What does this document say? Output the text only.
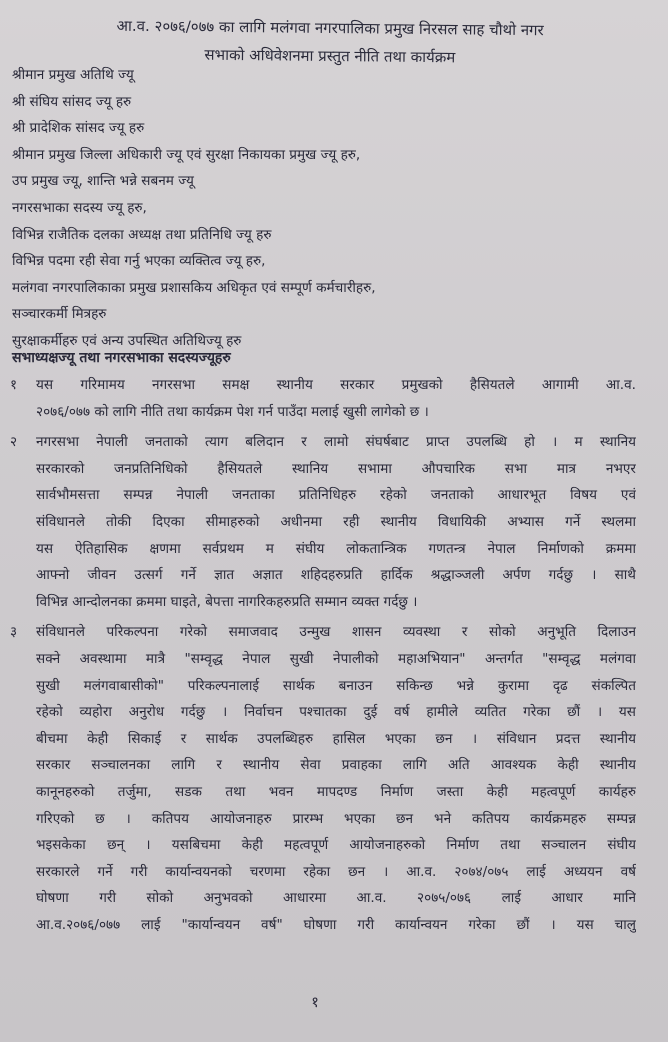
आ.व. २०७६/०७७ का लागि मलंगवा नगरपालिका प्रमुख निरसल साह चौथो नगर
सभाको अधिवेशनमा प्रस्तुत नीति तथा कार्यक्रम
श्रीमान प्रमुख अतिथि ज्यू
श्री संघिय सांसद ज्यू हरु
श्री प्रादेशिक सांसद ज्यू हरु
श्रीमान प्रमुख जिल्ला अधिकारी ज्यू एवं सुरक्षा निकायका प्रमुख ज्यू हरु,
उप प्रमुख ज्यू, शान्ति भन्ने सबनम ज्यू
नगरसभाका सदस्य ज्यू हरु,
विभिन्न राजैतिक दलका अध्यक्ष तथा प्रतिनिधि ज्यू हरु
विभिन्न पदमा रही सेवा गर्नु भएका व्यक्तित्व ज्यू हरु,
मलंगवा नगरपालिकाका प्रमुख प्रशासकिय अधिकृत एवं सम्पूर्ण कर्मचारीहरु,
सञ्चारकर्मी मित्रहरु
सुरक्षाकर्मीहरु एवं अन्य उपस्थित अतिथिज्यू हरु
सभाध्यक्षज्यू तथा नगरसभाका सदस्यज्यूहरु
१ यस गरिमामय नगरसभा समक्ष स्थानीय सरकार प्रमुखको हैसियतले आगामी आ.व.
२०७६/०७७ को लागि नीति तथा कार्यक्रम पेश गर्न पाउँदा मलाई खुसी लागेको छ ।
२ नगरसभा नेपाली जनताको त्याग बलिदान र लामो संघर्षबाट प्राप्त उपलब्धि हो । म स्थानिय
सरकारको जनप्रतिनिधिको हैसियतले स्थानिय सभामा औपचारिक सभा मात्र नभएर
सार्वभौमसत्ता सम्पन्न नेपाली जनताका प्रतिनिधिहरु रहेको जनताको आधारभूत विषय एवं
संविधानले तोकी दिएका सीमाहरुको अधीनमा रही स्थानीय विधायिकी अभ्यास गर्ने स्थलमा
यस ऐतिहासिक क्षणमा सर्वप्रथम म संघीय लोकतान्त्रिक गणतन्त्र नेपाल निर्माणको क्रममा
आफ्नो जीवन उत्सर्ग गर्ने ज्ञात अज्ञात शहिदहरुप्रति हार्दिक श्रद्धाञ्जली अर्पण गर्दछु । साथै
विभिन्न आन्दोलनका क्रममा घाइते, बेपत्ता नागरिकहरुप्रति सम्मान व्यक्त गर्दछु ।
३ संविधानले परिकल्पना गरेको समाजवाद उन्मुख शासन व्यवस्था र सोको अनुभूति दिलाउन
सक्ने अवस्थामा मात्रै "सम्वृद्ध नेपाल सुखी नेपालीको महाअभियान" अन्तर्गत "सम्वृद्ध मलंगवा
सुखी मलंगवाबासीको" परिकल्पनालाई सार्थक बनाउन सकिन्छ भन्ने कुरामा दृढ संकल्पित
रहेको व्यहोरा अनुरोध गर्दछु । निर्वाचन पश्चातका दुई वर्ष हामीले व्यतित गरेका छौं । यस
बीचमा केही सिकाई र सार्थक उपलब्धिहरु हासिल भएका छन । संविधान प्रदत्त स्थानीय
सरकार सञ्चालनका लागि र स्थानीय सेवा प्रवाहका लागि अति आवश्यक केही स्थानीय
कानूनहरुको तर्जुमा, सडक तथा भवन मापदण्ड निर्माण जस्ता केही महत्वपूर्ण कार्यहरु
गरिएको छ । कतिपय आयोजनाहरु प्रारम्भ भएका छन भने कतिपय कार्यक्रमहरु सम्पन्न
भइसकेका छन् । यसबिचमा केही महत्वपूर्ण आयोजनाहरुको निर्माण तथा सञ्चालन संघीय
सरकारले गर्ने गरी कार्यान्वयनको चरणमा रहेका छन । आ.व. २०७४/०७५ लाई अध्ययन वर्ष
घोषणा गरी सोको अनुभवको आधारमा आ.व. २०७५/०७६ लाई आधार मानि
आ.व.२०७६/०७७ लाई "कार्यान्वयन वर्ष" घोषणा गरी कार्यान्वयन गरेका छौं । यस चालु
१
